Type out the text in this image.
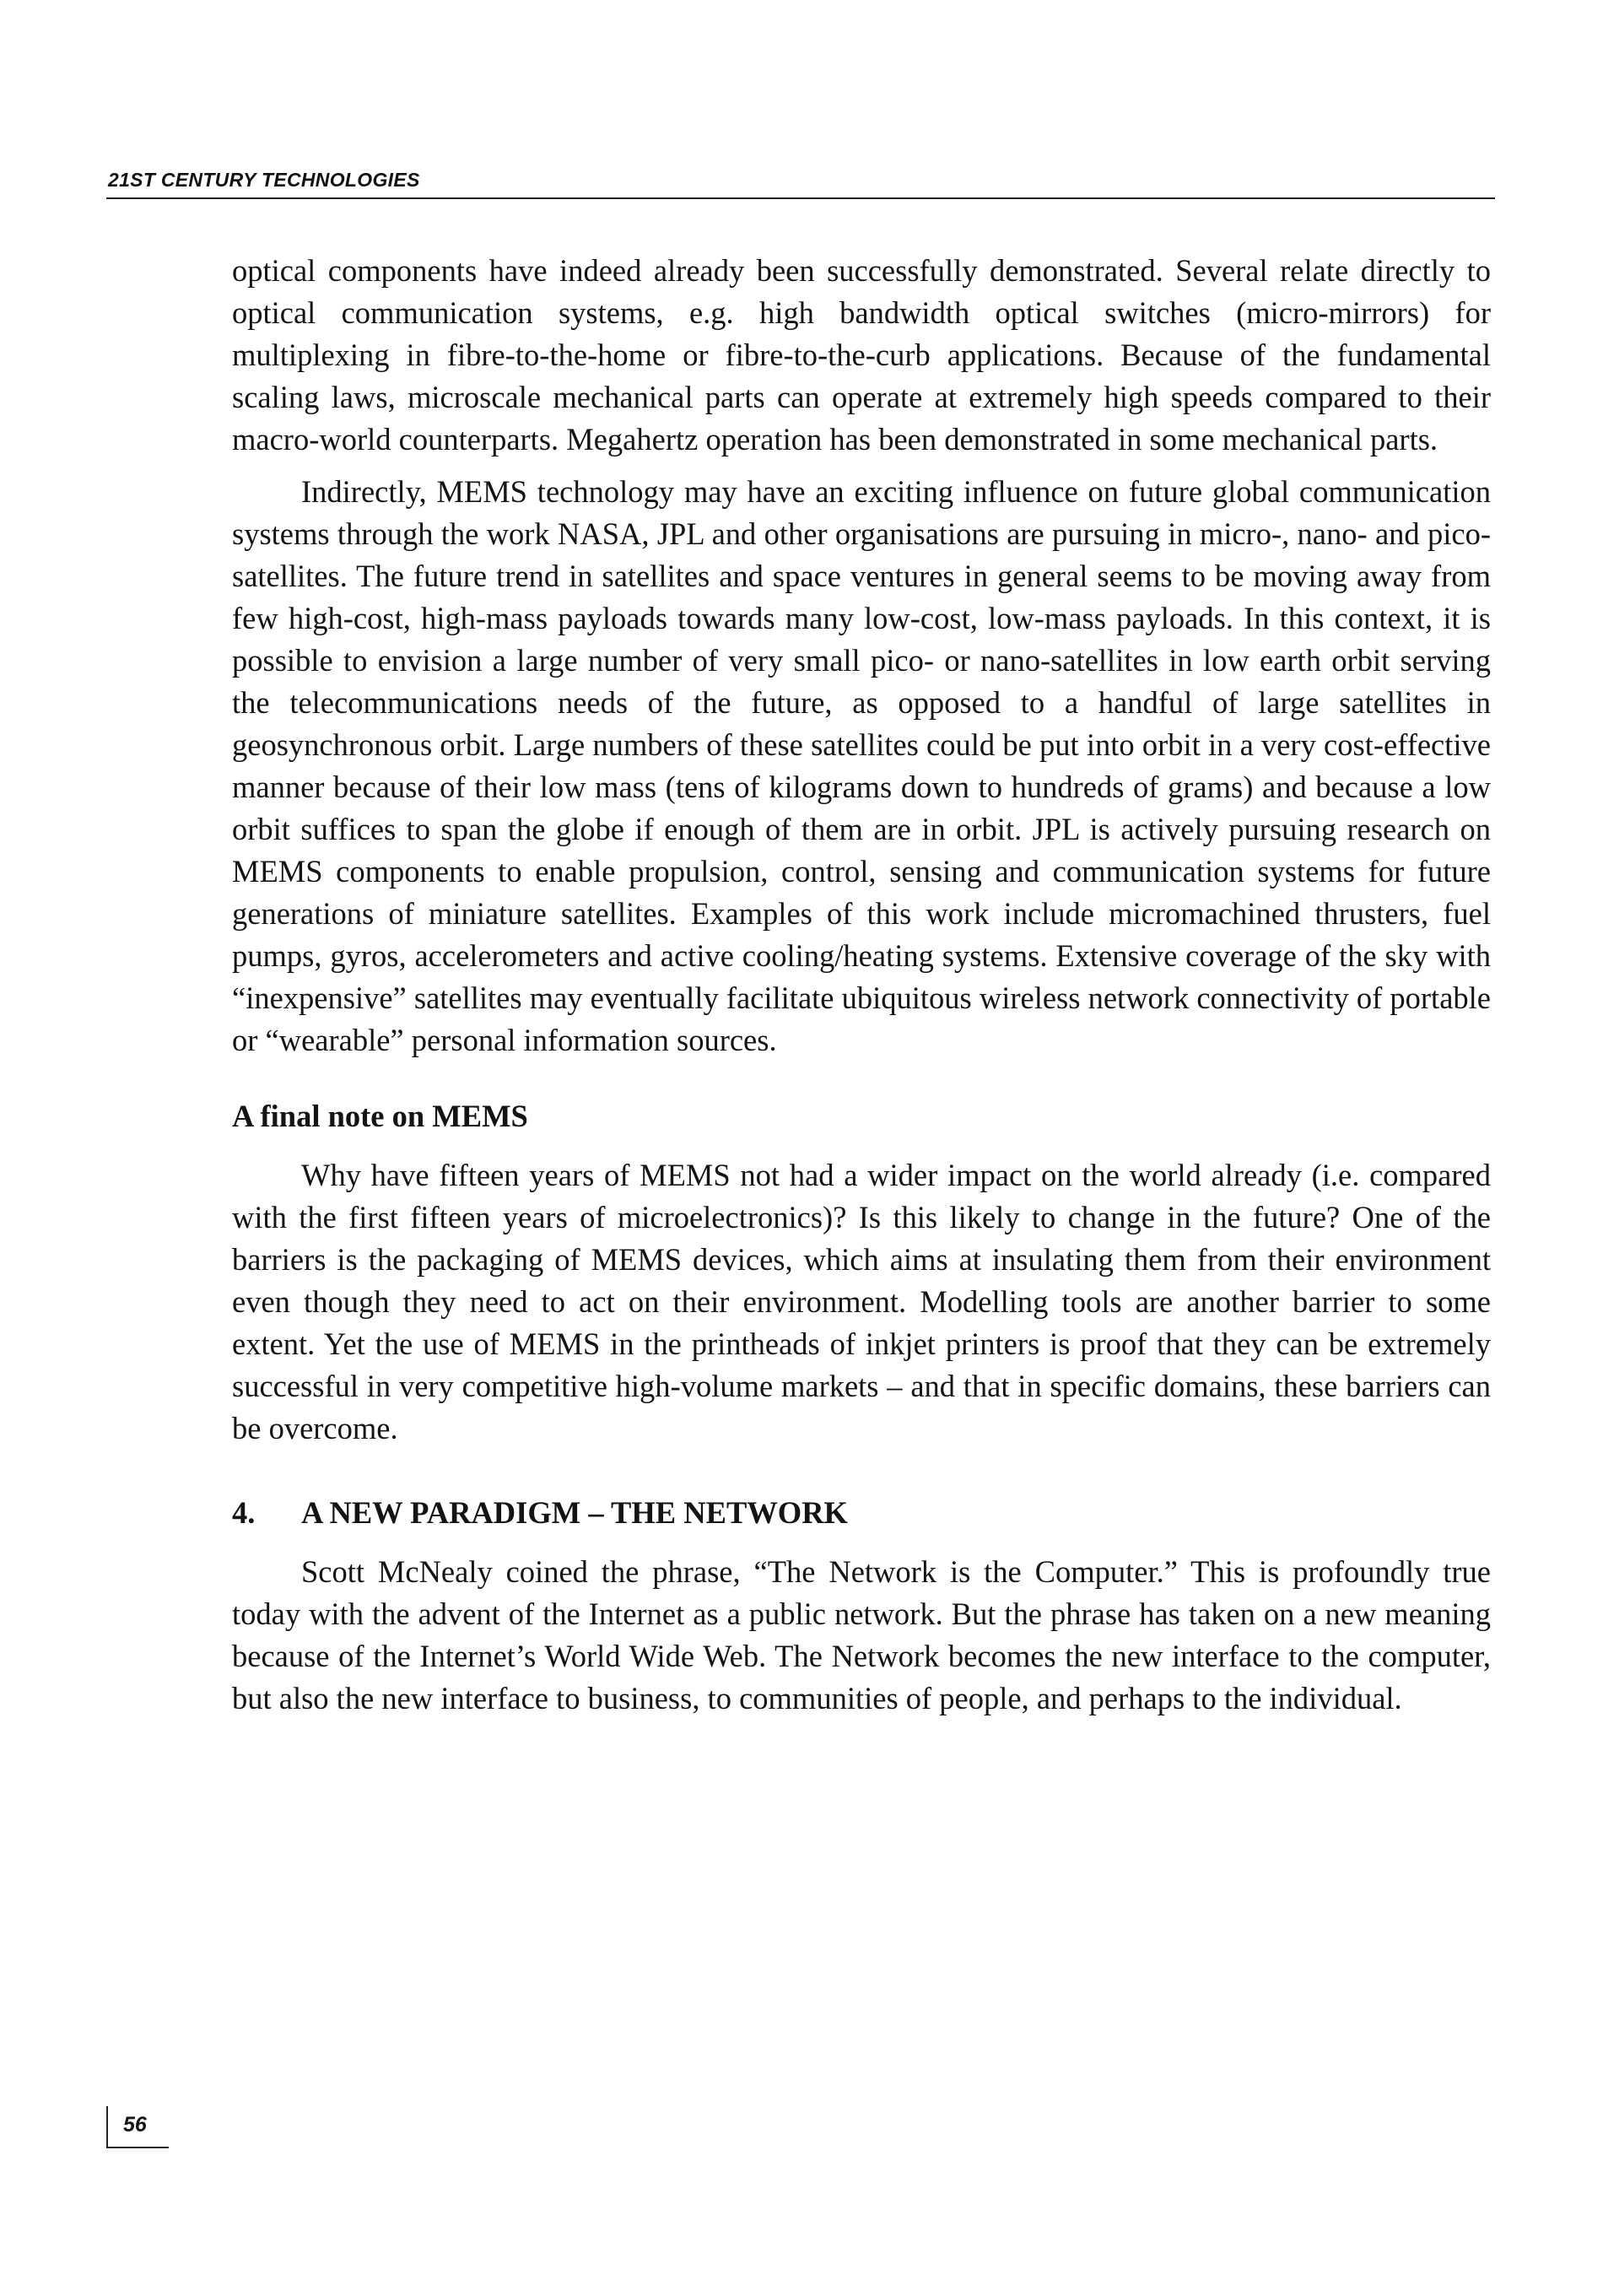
21ST CENTURY TECHNOLOGIES

optical components have indeed already been successfully demonstrated. Several relate directly to optical communication systems, e.g. high bandwidth optical switches (micro-mirrors) for multiplexing in fibre-to-the-home or fibre-to-the-curb applications. Because of the fundamental scaling laws, microscale mechanical parts can operate at extremely high speeds compared to their macro-world counterparts. Megahertz operation has been demonstrated in some mechanical parts.

Indirectly, MEMS technology may have an exciting influence on future global communication systems through the work NASA, JPL and other organisations are pursuing in micro-, nano- and pico-satellites. The future trend in satellites and space ventures in general seems to be moving away from few high-cost, high-mass payloads towards many low-cost, low-mass payloads. In this context, it is possible to envision a large number of very small pico- or nano-satellites in low earth orbit serving the telecommunications needs of the future, as opposed to a handful of large satellites in geosynchronous orbit. Large numbers of these satellites could be put into orbit in a very cost-effective manner because of their low mass (tens of kilograms down to hundreds of grams) and because a low orbit suffices to span the globe if enough of them are in orbit. JPL is actively pursuing research on MEMS components to enable propulsion, control, sensing and communication systems for future generations of miniature satellites. Examples of this work include micromachined thrusters, fuel pumps, gyros, accelerometers and active cooling/heating systems. Extensive coverage of the sky with “inexpensive” satellites may eventually facilitate ubiquitous wireless network connectivity of portable or “wearable” personal information sources.

A final note on MEMS

Why have fifteen years of MEMS not had a wider impact on the world already (i.e. compared with the first fifteen years of microelectronics)? Is this likely to change in the future? One of the barriers is the packaging of MEMS devices, which aims at insulating them from their environment even though they need to act on their environment. Modelling tools are another barrier to some extent. Yet the use of MEMS in the printheads of inkjet printers is proof that they can be extremely successful in very competitive high-volume markets – and that in specific domains, these barriers can be overcome.

4. A NEW PARADIGM – THE NETWORK

Scott McNealy coined the phrase, “The Network is the Computer.” This is profoundly true today with the advent of the Internet as a public network. But the phrase has taken on a new meaning because of the Internet’s World Wide Web. The Network becomes the new interface to the computer, but also the new interface to business, to communities of people, and perhaps to the individual.

56
